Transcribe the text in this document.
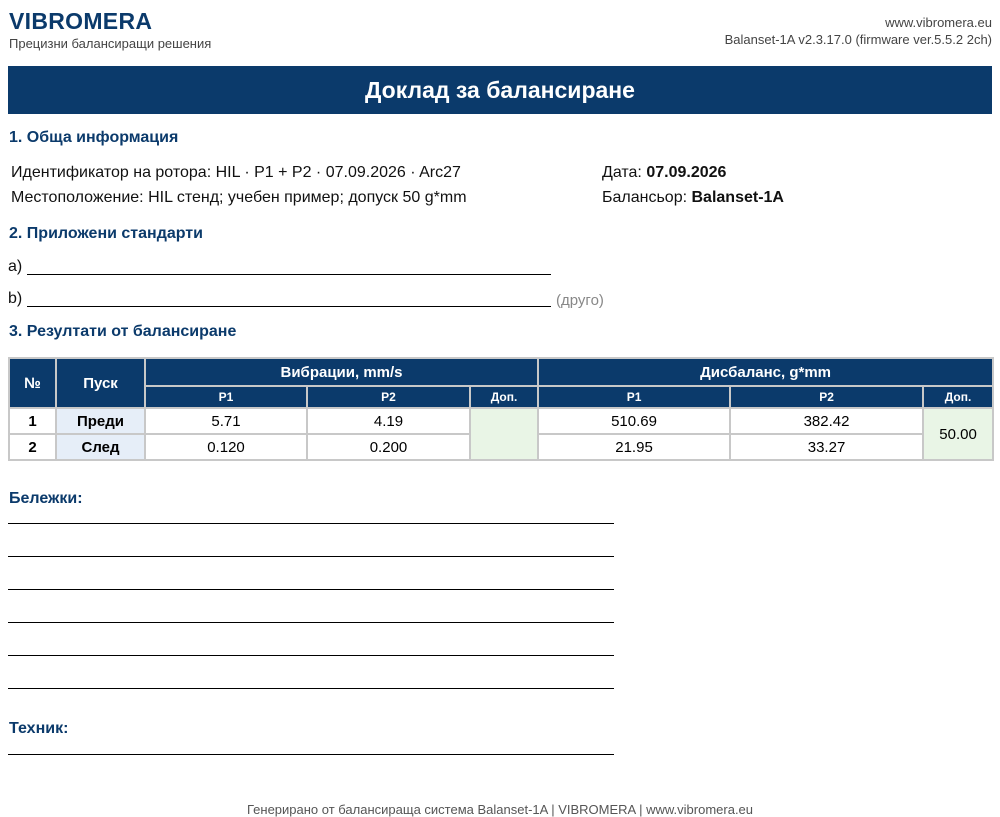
VIBROMERA
Прецизни балансиращи решения
www.vibromera.eu
Balanset-1A v2.3.17.0 (firmware ver.5.5.2 2ch)
Доклад за балансиране
1. Обща информация
Идентификатор на ротора: HIL · P1 + P2 · 07.09.2026 · Arc27
Местоположение: HIL стенд; учебен пример; допуск 50 g*mm
Дата: 07.09.2026
Балансьор: Balanset-1A
2. Приложени стандарти
a)
b)	(друго)
3. Резултати от балансиране
№	Пуск	Вибрации, mm/s			Дисбаланс, g*mm		
		P1	P2	Доп.	P1	P2	Доп.
1	Преди	5.71	4.19		510.69	382.42	50.00
2	След	0.120	0.200		21.95	33.27	
Бележки:
Техник:
Генерирано от балансираща система Balanset-1A | VIBROMERA | www.vibromera.eu
